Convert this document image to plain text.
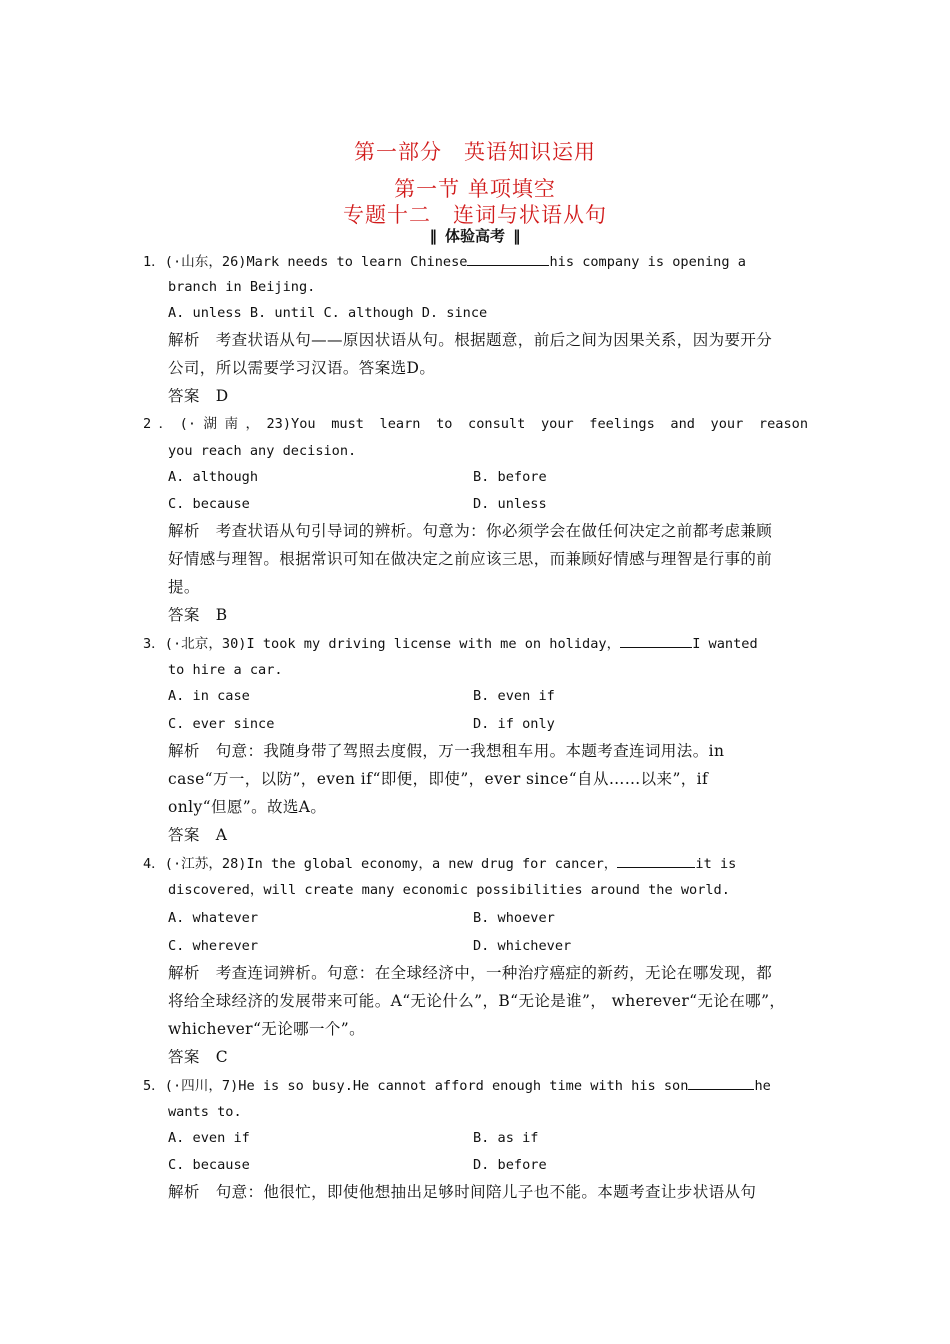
第一部分　英语知识运用
第一节 单项填空
专题十二　连词与状语从句
‖ 体验高考 ‖
1．(·山东，26)Mark needs to learn Chinese	his company is opening a
branch in Beijing.
A. unless B. until C. although D. since
解析　考查状语从句——原因状语从句。根据题意，前后之间为因果关系，因为要开分
公司，所以需要学习汉语。答案选D。
答案　D
2．(·湖南，23)You must learn to consult your feelings and your reason
you reach any decision.
A. although	B. before
C. because	D. unless
解析　考查状语从句引导词的辨析。句意为：你必须学会在做任何决定之前都考虑兼顾
好情感与理智。根据常识可知在做决定之前应该三思，而兼顾好情感与理智是行事的前
提。
答案　B
3．(·北京，30)I took my driving license with me on holiday，	I wanted
to hire a car.
A. in case	B. even if
C. ever since	D. if only
解析　句意：我随身带了驾照去度假，万一我想租车用。本题考查连词用法。in
case“万一，以防”，even if“即便，即使”，ever since“自从……以来”，if
only“但愿”。故选A。
答案　A
4．(·江苏，28)In the global economy，a new drug for cancer，	it is
discovered，will create many economic possibilities around the world.
A. whatever	B. whoever
C. wherever	D. whichever
解析　考查连词辨析。句意：在全球经济中，一种治疗癌症的新药，无论在哪发现，都
将给全球经济的发展带来可能。A“无论什么”，B“无论是谁”， wherever“无论在哪”，
whichever“无论哪一个”。
答案　C
5．(·四川，7)He is so busy.He cannot afford enough time with his son	he
wants to.
A. even if	B. as if
C. because	D. before
解析　句意：他很忙，即使他想抽出足够时间陪儿子也不能。本题考查让步状语从句
